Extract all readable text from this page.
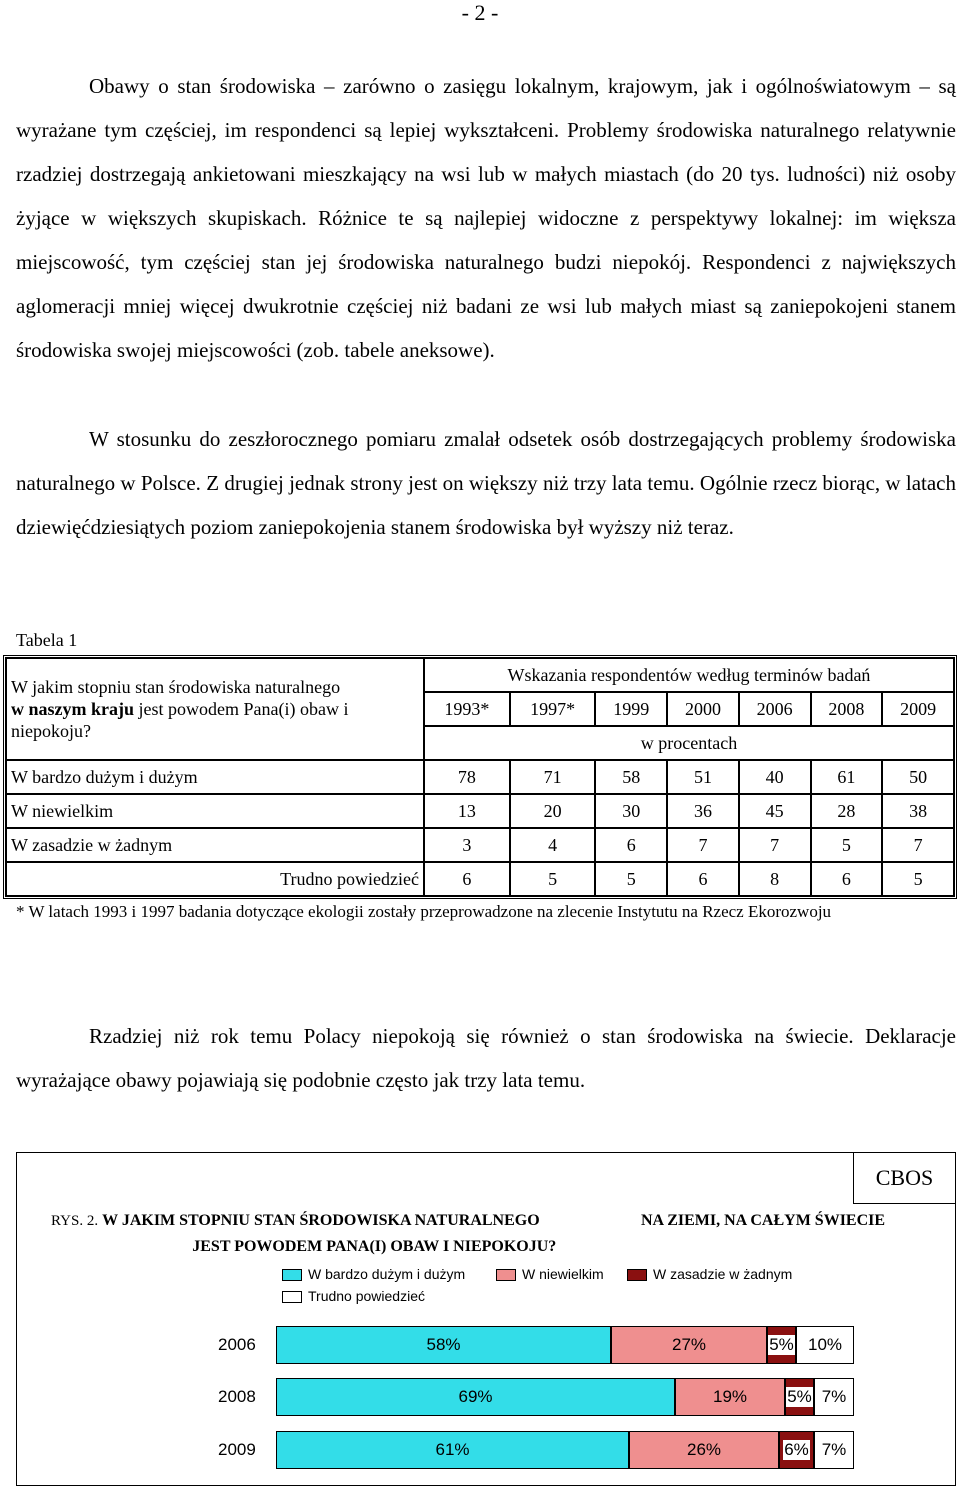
- 2 -

Obawy o stan środowiska – zarówno o zasięgu lokalnym, krajowym, jak i ogólnoświatowym – są wyrażane tym częściej, im respondenci są lepiej wykształceni. Problemy środowiska naturalnego relatywnie rzadziej dostrzegają ankietowani mieszkający na wsi lub w małych miastach (do 20 tys. ludności) niż osoby żyjące w większych skupiskach. Różnice te są najlepiej widoczne z perspektywy lokalnej: im większa miejscowość, tym częściej stan jej środowiska naturalnego budzi niepokój. Respondenci z największych aglomeracji mniej więcej dwukrotnie częściej niż badani ze wsi lub małych miast są zaniepokojeni stanem środowiska swojej miejscowości (zob. tabele aneksowe).

W stosunku do zeszłorocznego pomiaru zmalał odsetek osób dostrzegających problemy środowiska naturalnego w Polsce. Z drugiej jednak strony jest on większy niż trzy lata temu. Ogólnie rzecz biorąc, w latach dziewięćdziesiątych poziom zaniepokojenia stanem środowiska był wyższy niż teraz.

Tabela 1
W jakim stopniu stan środowiska naturalnego
w naszym kraju jest powodem Pana(i) obaw i niepokoju?	Wskazania respondentów według terminów badań						
	1993*	1997*	1999	2000	2006	2008	2009
	w procentach						
W bardzo dużym i dużym	78	71	58	51	40	61	50
W niewielkim	13	20	30	36	45	28	38
W zasadzie w żadnym	3	4	6	7	7	5	7
Trudno powiedzieć	6	5	5	6	8	6	5
* W latach 1993 i 1997 badania dotyczące ekologii zostały przeprowadzone na zlecenie Instytutu na Rzecz Ekorozwoju

Rzadziej niż rok temu Polacy niepokoją się również o stan środowiska na świecie. Deklaracje wyrażające obawy pojawiają się podobnie często jak trzy lata temu.

CBOS
RYS. 2. W JAKIM STOPNIU STAN ŚRODOWISKA NATURALNEGO	NA ZIEMI, NA CAŁYM ŚWIECIE

JEST POWODEM PANA(I) OBAW I NIEPOKOJU?
W bardzo dużym i dużym	W niewielkim	W zasadzie w żadnym
Trudno powiedzieć
2006	58%	27%	5% 10%
2008	69%	19% 5% 7%
2009	61%	26%	6% 7%
